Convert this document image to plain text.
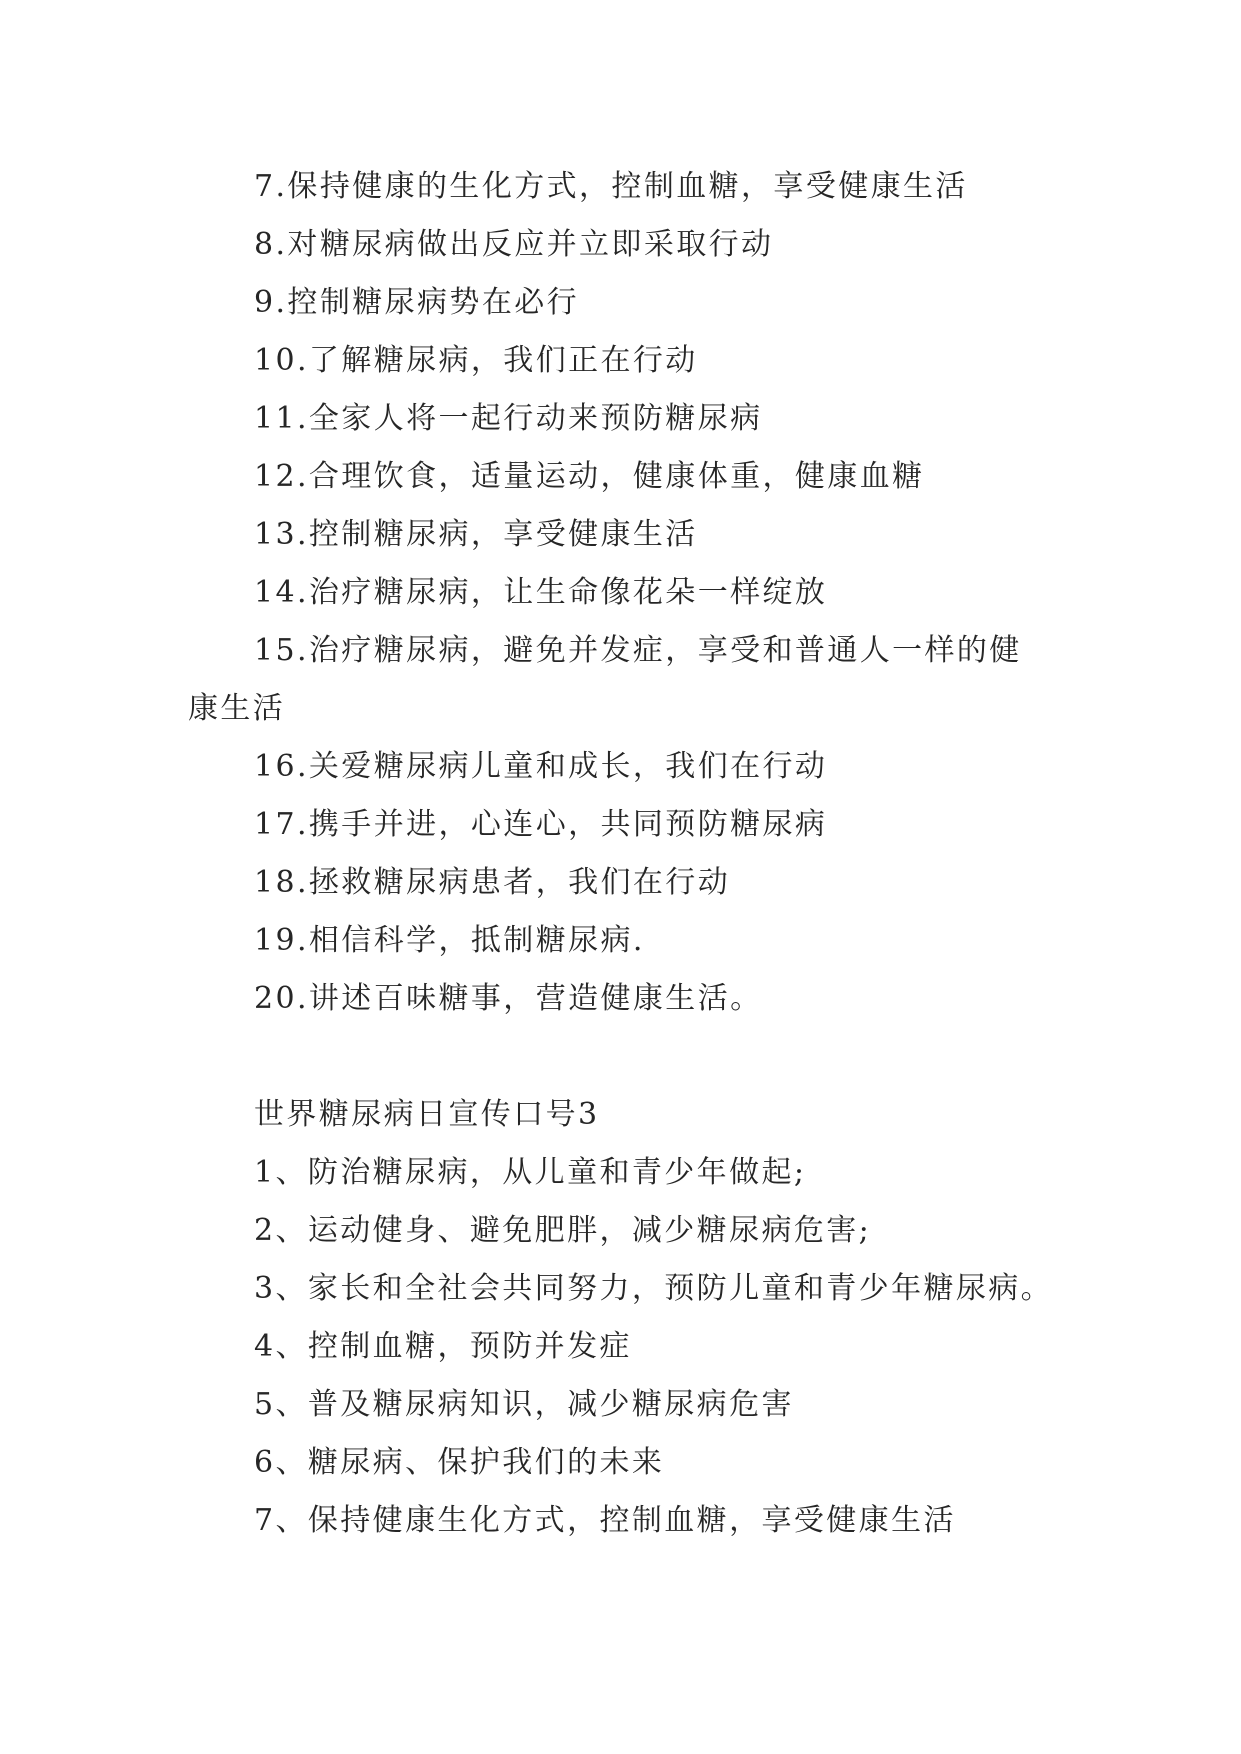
7.保持健康的生化方式，控制血糖，享受健康生活
8.对糖尿病做出反应并立即采取行动
9.控制糖尿病势在必行
10.了解糖尿病，我们正在行动
11.全家人将一起行动来预防糖尿病
12.合理饮食，适量运动，健康体重，健康血糖
13.控制糖尿病，享受健康生活
14.治疗糖尿病，让生命像花朵一样绽放
15.治疗糖尿病，避免并发症，享受和普通人一样的健
康生活
16.关爱糖尿病儿童和成长，我们在行动
17.携手并进，心连心，共同预防糖尿病
18.拯救糖尿病患者，我们在行动
19.相信科学，抵制糖尿病.
20.讲述百味糖事，营造健康生活。
世界糖尿病日宣传口号3
1、防治糖尿病，从儿童和青少年做起;
2、运动健身、避免肥胖，减少糖尿病危害;
3、家长和全社会共同努力，预防儿童和青少年糖尿病。
4、控制血糖，预防并发症
5、普及糖尿病知识，减少糖尿病危害
6、糖尿病、保护我们的未来
7、保持健康生化方式，控制血糖，享受健康生活
